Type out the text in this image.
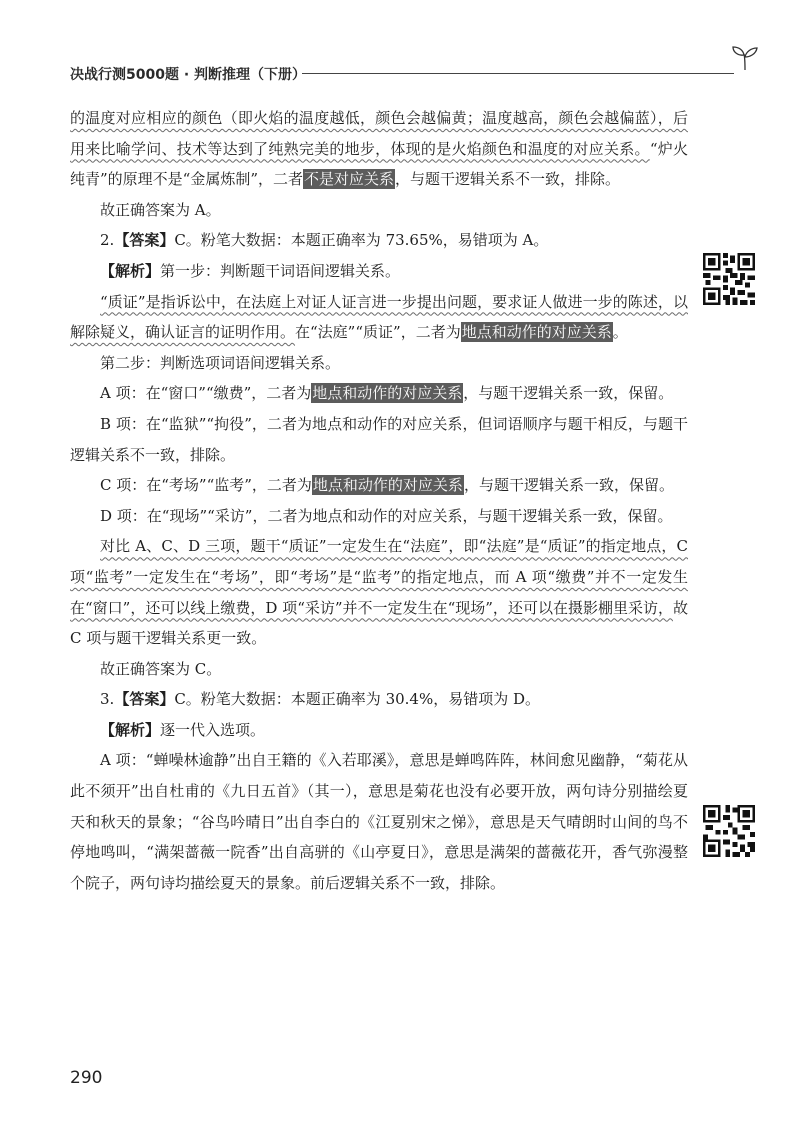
决战行测5000题 · 判断推理（下册）

的温度对应相应的颜色（即火焰的温度越低，颜色会越偏黄；温度越高，颜色会越偏蓝），后用来比喻学问、技术等达到了纯熟完美的地步，体现的是火焰颜色和温度的对应关系。“炉火纯青”的原理不是“金属炼制”，二者不是对应关系，与题干逻辑关系不一致，排除。

故正确答案为 A。

2.【答案】C。粉笔大数据：本题正确率为 73.65%，易错项为 A。

【解析】第一步：判断题干词语间逻辑关系。

“质证”是指诉讼中，在法庭上对证人证言进一步提出问题，要求证人做进一步的陈述，以解除疑义，确认证言的证明作用。在“法庭”“质证”，二者为地点和动作的对应关系。

第二步：判断选项词语间逻辑关系。

A 项：在“窗口”“缴费”，二者为地点和动作的对应关系，与题干逻辑关系一致，保留。

B 项：在“监狱”“拘役”，二者为地点和动作的对应关系，但词语顺序与题干相反，与题干逻辑关系不一致，排除。

C 项：在“考场”“监考”，二者为地点和动作的对应关系，与题干逻辑关系一致，保留。

D 项：在“现场”“采访”，二者为地点和动作的对应关系，与题干逻辑关系一致，保留。

对比 A、C、D 三项，题干“质证”一定发生在“法庭”，即“法庭”是“质证”的指定地点，C 项“监考”一定发生在“考场”，即“考场”是“监考”的指定地点，而 A 项“缴费”并不一定发生在“窗口”，还可以线上缴费，D 项“采访”并不一定发生在“现场”，还可以在摄影棚里采访，故 C 项与题干逻辑关系更一致。

故正确答案为 C。

3.【答案】C。粉笔大数据：本题正确率为 30.4%，易错项为 D。

【解析】逐一代入选项。

A 项：“蝉噪林逾静”出自王籍的《入若耶溪》，意思是蝉鸣阵阵，林间愈见幽静，“菊花从此不须开”出自杜甫的《九日五首》（其一），意思是菊花也没有必要开放，两句诗分别描绘夏天和秋天的景象；“谷鸟吟晴日”出自李白的《江夏别宋之悌》，意思是天气晴朗时山间的鸟不停地鸣叫，“满架蔷薇一院香”出自高骈的《山亭夏日》，意思是满架的蔷薇花开，香气弥漫整个院子，两句诗均描绘夏天的景象。前后逻辑关系不一致，排除。

290
